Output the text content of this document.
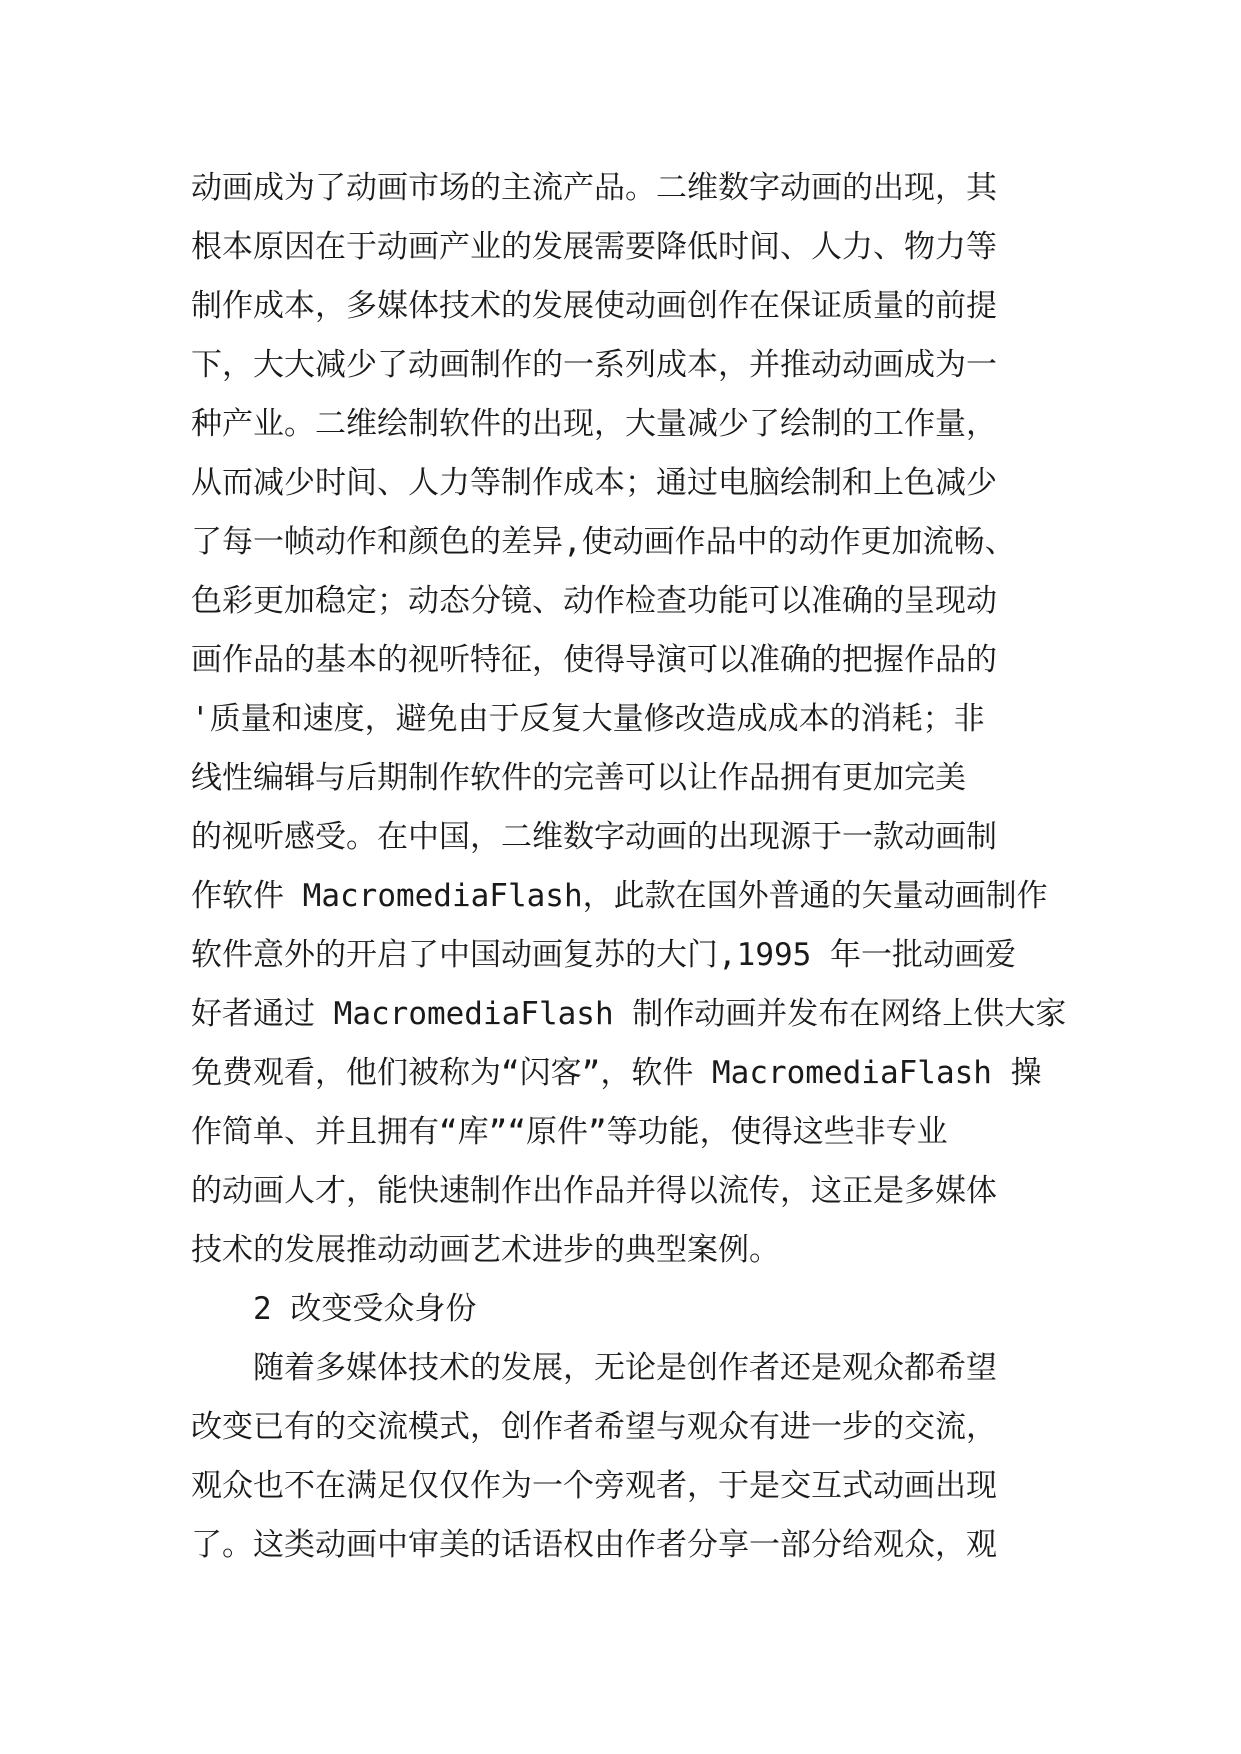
动画成为了动画市场的主流产品。二维数字动画的出现，其
根本原因在于动画产业的发展需要降低时间、人力、物力等
制作成本，多媒体技术的发展使动画创作在保证质量的前提
下，大大减少了动画制作的一系列成本，并推动动画成为一
种产业。二维绘制软件的出现，大量减少了绘制的工作量，
从而减少时间、人力等制作成本；通过电脑绘制和上色减少
了每一帧动作和颜色的差异,使动画作品中的动作更加流畅、
色彩更加稳定；动态分镜、动作检查功能可以准确的呈现动
画作品的基本的视听特征，使得导演可以准确的把握作品的
'质量和速度，避免由于反复大量修改造成成本的消耗；非
线性编辑与后期制作软件的完善可以让作品拥有更加完美
的视听感受。在中国，二维数字动画的出现源于一款动画制
作软件 MacromediaFlash，此款在国外普通的矢量动画制作
软件意外的开启了中国动画复苏的大门,1995 年一批动画爱
好者通过 MacromediaFlash 制作动画并发布在网络上供大家
免费观看，他们被称为“闪客”，软件 MacromediaFlash 操
作简单、并且拥有“库”“原件”等功能，使得这些非专业
的动画人才，能快速制作出作品并得以流传，这正是多媒体
技术的发展推动动画艺术进步的典型案例。
2 改变受众身份
随着多媒体技术的发展，无论是创作者还是观众都希望
改变已有的交流模式，创作者希望与观众有进一步的交流，
观众也不在满足仅仅作为一个旁观者，于是交互式动画出现
了。这类动画中审美的话语权由作者分享一部分给观众，观
